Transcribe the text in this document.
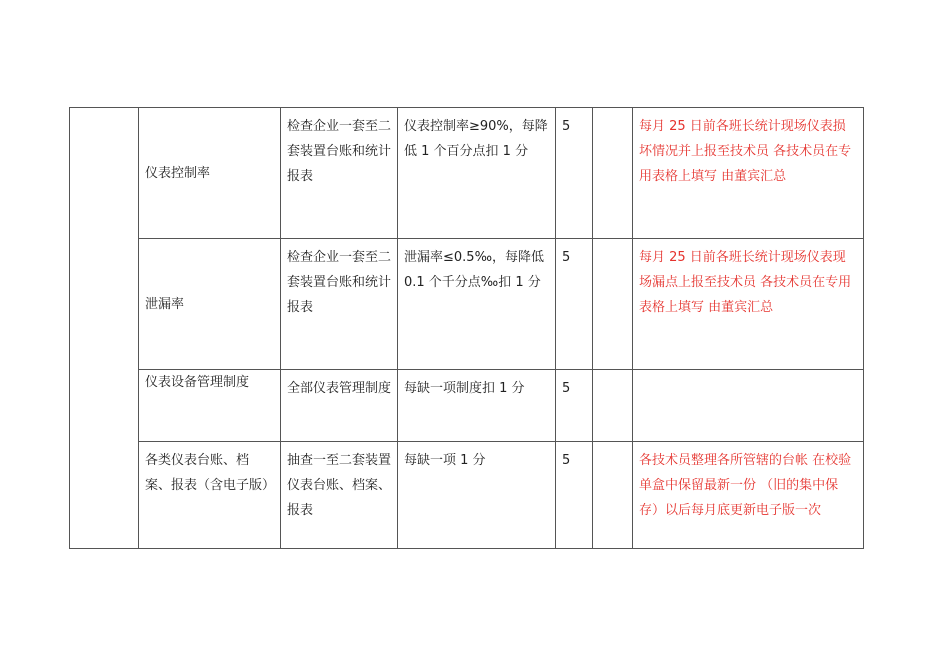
	仪表控制率	检查企业一套至二套装置台账和统计报表	仪表控制率≥90%，每降低 1 个百分点扣 1 分	5		每月 25 日前各班长统计现场仪表损坏情况并上报至技术员 各技术员在专用表格上填写 由董宾汇总
	泄漏率	检查企业一套至二套装置台账和统计报表	泄漏率≤0.5‰，每降低 0.1 个千分点‰扣 1 分	5		每月 25 日前各班长统计现场仪表现场漏点上报至技术员 各技术员在专用表格上填写 由董宾汇总
	仪表设备管理制度	全部仪表管理制度	每缺一项制度扣 1 分	5		
	各类仪表台账、档案、报表（含电子版）	抽查一至二套装置仪表台账、档案、报表	每缺一项 1 分	5		各技术员整理各所管辖的台帐 在校验单盒中保留最新一份 （旧的集中保存）以后每月底更新电子版一次
